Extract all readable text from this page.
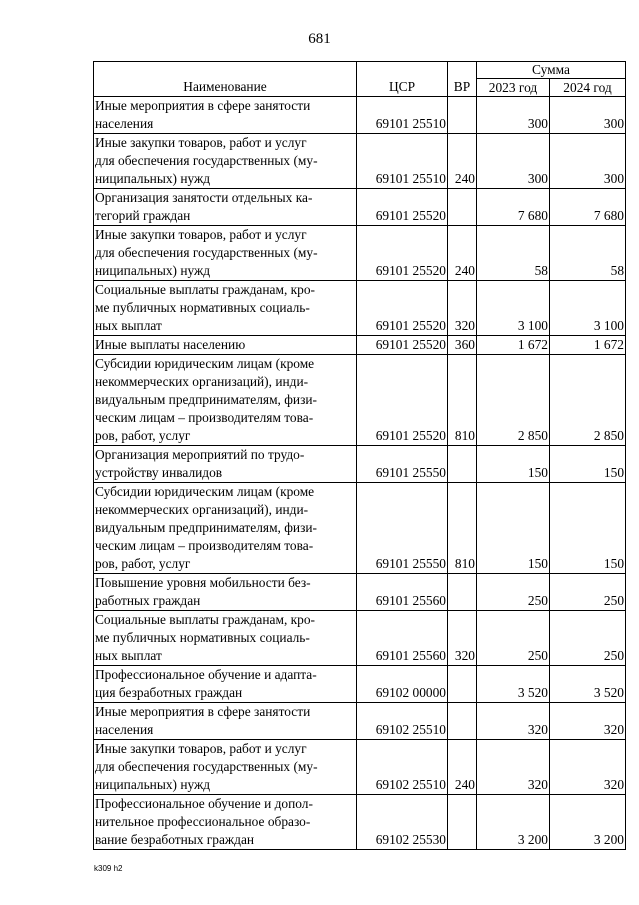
681
Наименование	ЦСР	ВР	Сумма	
			2023 год	2024 год

Иные мероприятия в сфере занятости
населения	69101 25510		300	300

Иные закупки товаров, работ и услуг
для обеспечения государственных (му-
ниципальных) нужд	69101 25510	240	300	300

Организация занятости отдельных ка-
тегорий граждан	69101 25520		7 680	7 680

Иные закупки товаров, работ и услуг
для обеспечения государственных (му-
ниципальных) нужд	69101 25520	240	58	58

Социальные выплаты гражданам, кро-
ме публичных нормативных социаль-
ных выплат	69101 25520	320	3 100	3 100

Иные выплаты населению	69101 25520	360	1 672	1 672

Субсидии юридическим лицам (кроме
некоммерческих организаций), инди-
видуальным предпринимателям, физи-
ческим лицам – производителям това-
ров, работ, услуг	69101 25520	810	2 850	2 850

Организация мероприятий по трудо-
устройству инвалидов	69101 25550		150	150

Субсидии юридическим лицам (кроме
некоммерческих организаций), инди-
видуальным предпринимателям, физи-
ческим лицам – производителям това-
ров, работ, услуг	69101 25550	810	150	150

Повышение уровня мобильности без-
работных граждан	69101 25560		250	250

Социальные выплаты гражданам, кро-
ме публичных нормативных социаль-
ных выплат	69101 25560	320	250	250

Профессиональное обучение и адапта-
ция безработных граждан	69102 00000		3 520	3 520

Иные мероприятия в сфере занятости
населения	69102 25510		320	320

Иные закупки товаров, работ и услуг
для обеспечения государственных (му-
ниципальных) нужд	69102 25510	240	320	320

Профессиональное обучение и допол-
нительное профессиональное образо-
вание безработных граждан	69102 25530		3 200	3 200
k309 h2
